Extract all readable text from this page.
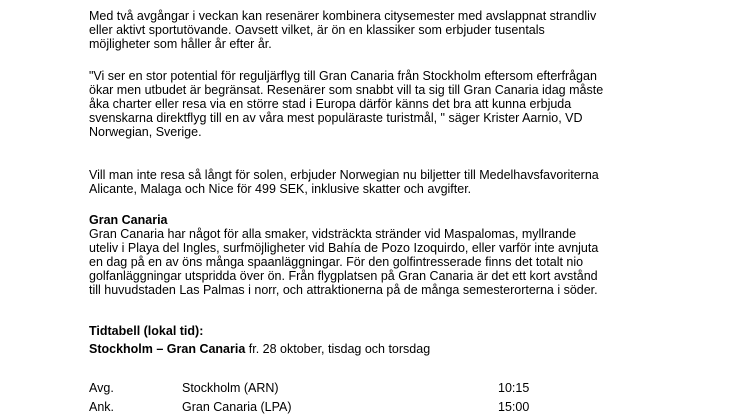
Med två avgångar i veckan kan resenärer kombinera citysemester med avslappnat strandliv
eller aktivt sportutövande. Oavsett vilket, är ön en klassiker som erbjuder tusentals
möjligheter som håller år efter år.
"Vi ser en stor potential för reguljärflyg till Gran Canaria från Stockholm eftersom efterfrågan
ökar men utbudet är begränsat. Resenärer som snabbt vill ta sig till Gran Canaria idag måste
åka charter eller resa via en större stad i Europa därför känns det bra att kunna erbjuda
svenskarna direktflyg till en av våra mest populäraste turistmål, " säger Krister Aarnio, VD
Norwegian, Sverige.
Vill man inte resa så långt för solen, erbjuder Norwegian nu biljetter till Medelhavsfavoriterna
Alicante, Malaga och Nice för 499 SEK, inklusive skatter och avgifter.
Gran Canaria
Gran Canaria har något för alla smaker, vidsträckta stränder vid Maspalomas, myllrande
uteliv i Playa del Ingles, surfmöjligheter vid Bahía de Pozo Izoquirdo, eller varför inte avnjuta
en dag på en av öns många spaanläggningar. För den golfintresserade finns det totalt nio
golfanläggningar utspridda över ön. Från flygplatsen på Gran Canaria är det ett kort avstånd
till huvudstaden Las Palmas i norr, och attraktionerna på de många semesterorterna i söder.
Tidtabell (lokal tid):
Stockholm – Gran Canaria fr. 28 oktober, tisdag och torsdag
Avg.	Stockholm (ARN)	10:15
Ank.	Gran Canaria (LPA)	15:00
